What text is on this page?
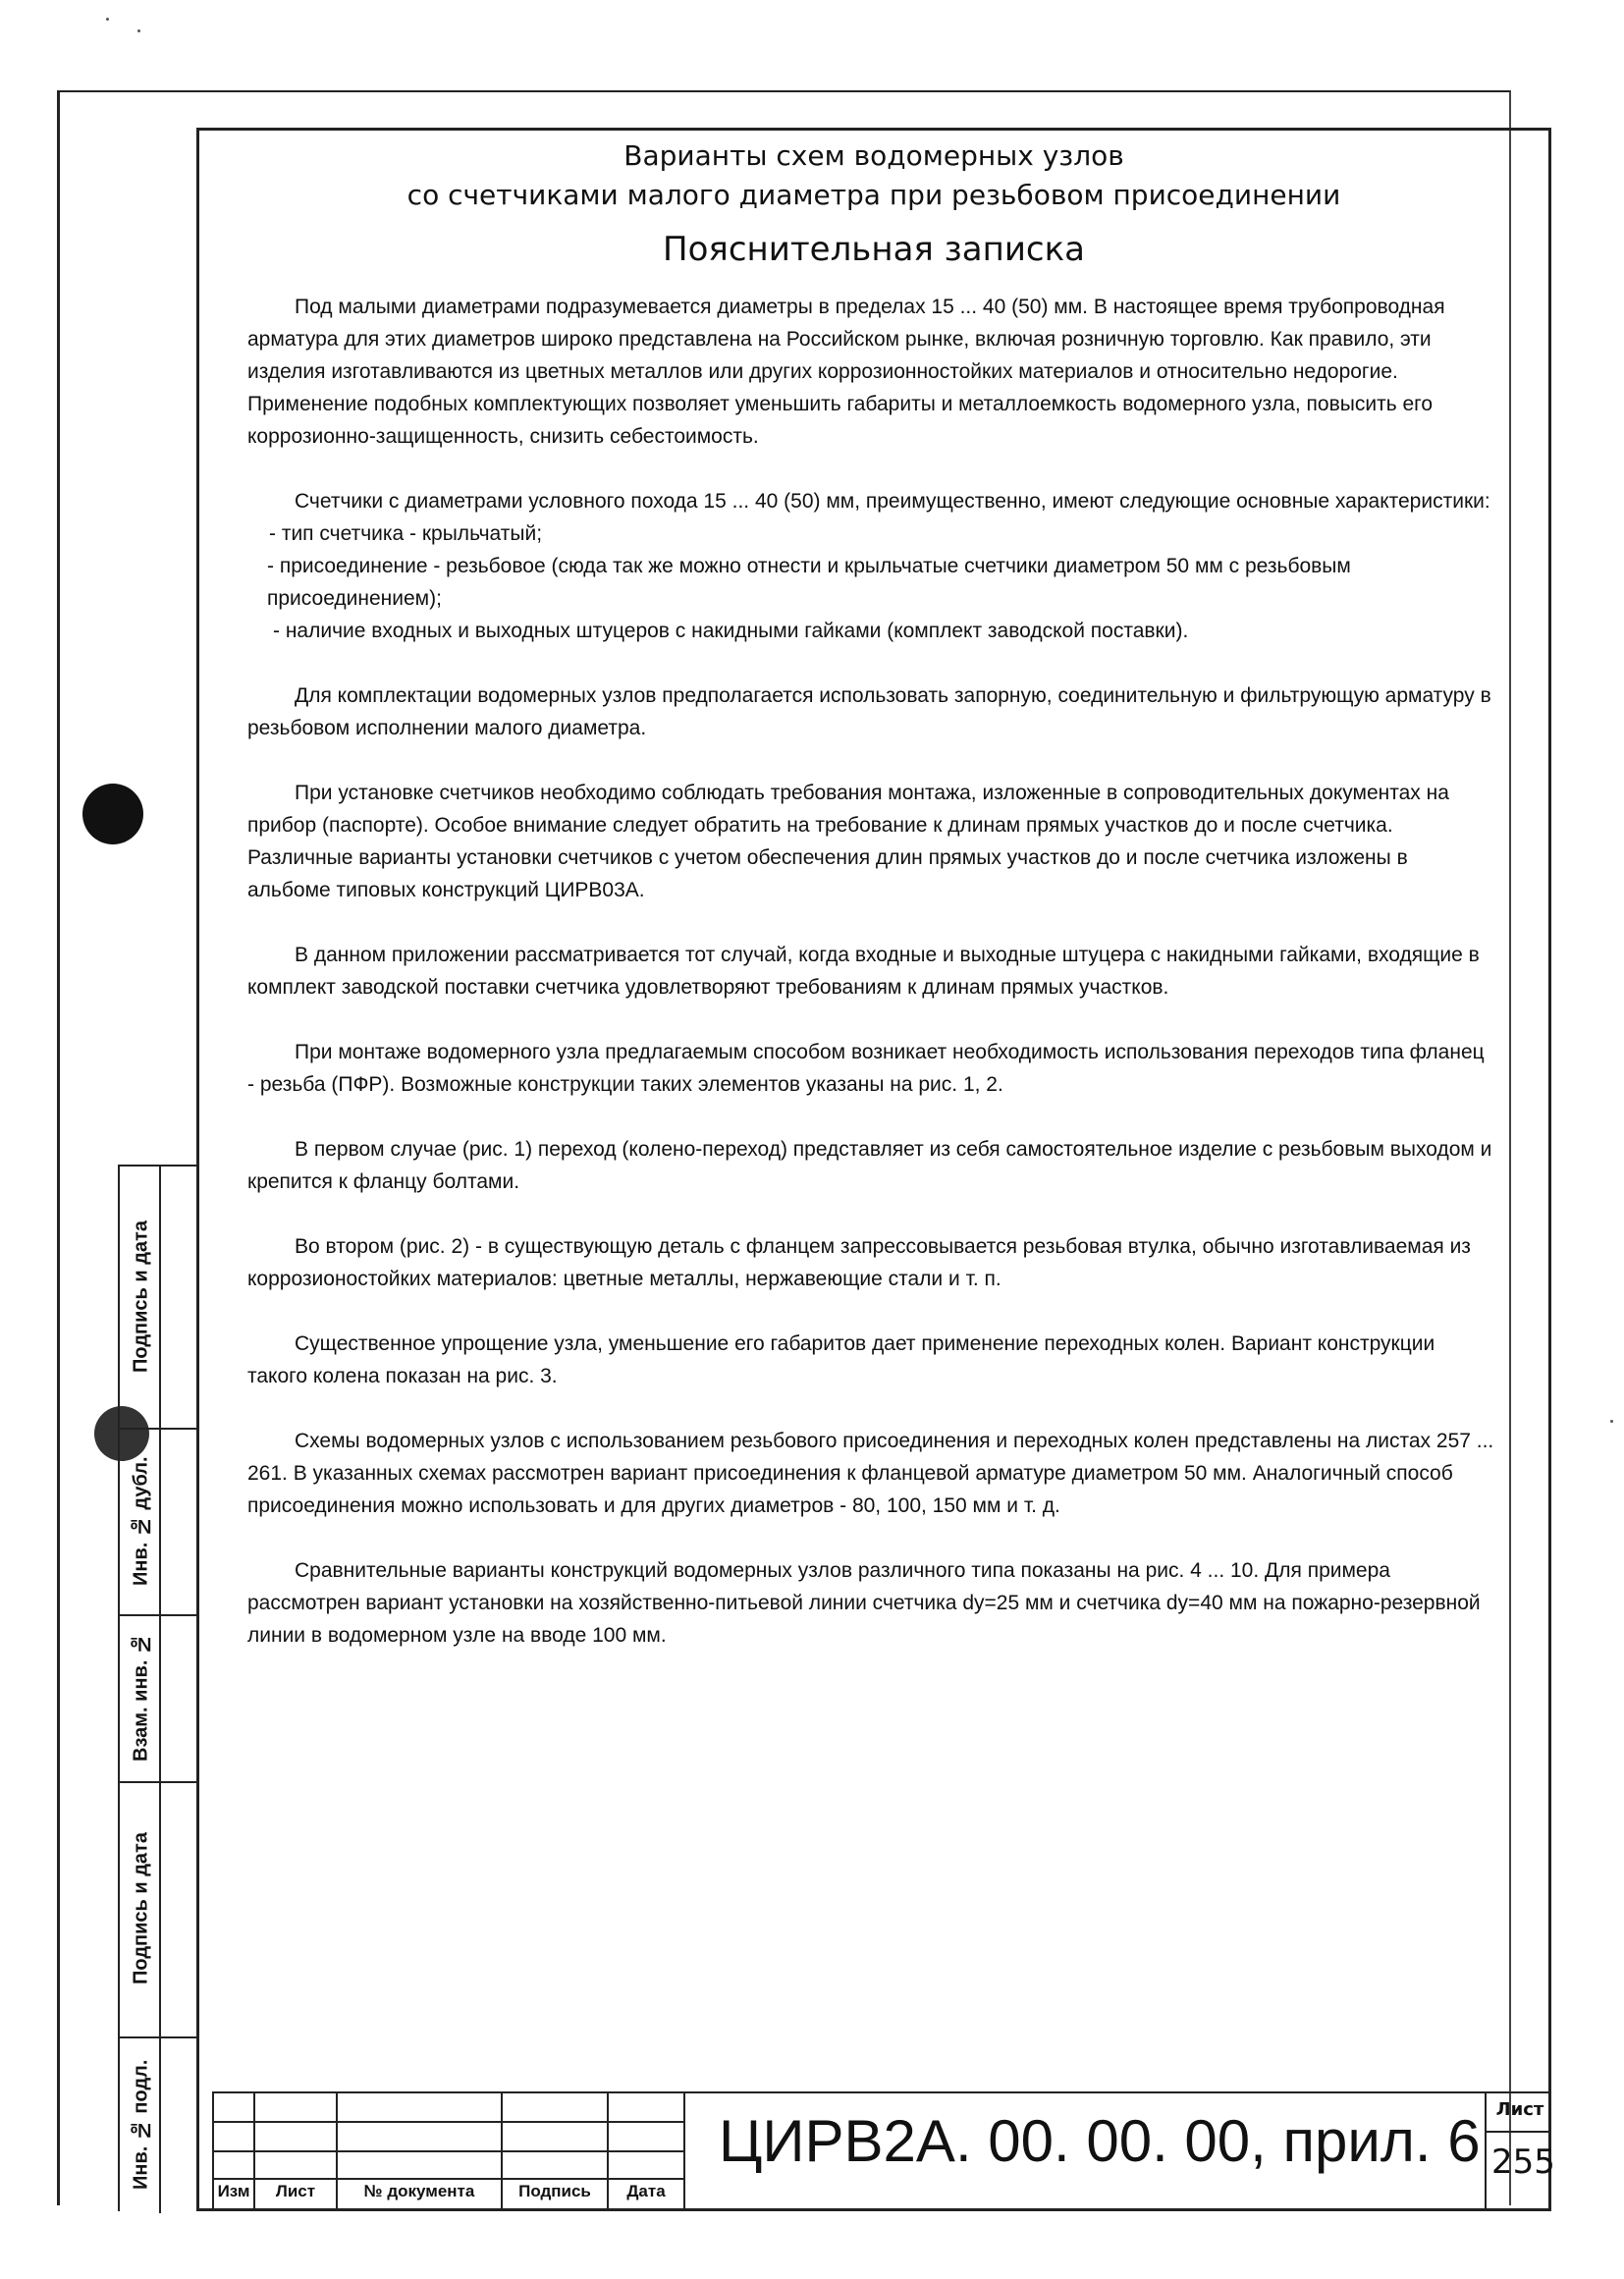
Варианты схем водомерных узлов
со счетчиками малого диаметра при резьбовом присоединении
Пояснительная записка

Под малыми диаметрами подразумевается диаметры в пределах 15 ... 40 (50) мм. В настоящее время трубопроводная арматура для этих диаметров широко представлена на Российском рынке, включая розничную торговлю. Как правило, эти изделия изготавливаются из цветных металлов или других коррозионностойких материалов и относительно недорогие. Применение подобных комплектующих позволяет уменьшить габариты и металлоемкость водомерного узла, повысить его коррозионно-защищенность, снизить себестоимость.

Счетчики с диаметрами условного похода 15 ... 40 (50) мм, преимущественно, имеют следующие основные характеристики:

- тип счетчика - крыльчатый;
- присоединение - резьбовое (сюда так же можно отнести и крыльчатые счетчики диаметром 50 мм с резьбовым присоединением);
- наличие входных и выходных штуцеров с накидными гайками (комплект заводской поставки).

Для комплектации водомерных узлов предполагается использовать запорную, соединительную и фильтрующую арматуру в резьбовом исполнении малого диаметра.

При установке счетчиков необходимо соблюдать требования монтажа, изложенные в сопроводительных документах на прибор (паспорте). Особое внимание следует обратить на требование к длинам прямых участков до и после счетчика. Различные варианты установки счетчиков с учетом обеспечения длин прямых участков до и после счетчика изложены в альбоме типовых конструкций ЦИРВ03А.

В данном приложении рассматривается тот случай, когда входные и выходные штуцера с накидными гайками, входящие в комплект заводской поставки счетчика удовлетворяют требованиям к длинам прямых участков.

При монтаже водомерного узла предлагаемым способом возникает необходимость использования переходов типа фланец - резьба (ПФР). Возможные конструкции таких элементов указаны на рис. 1, 2.

В первом случае (рис. 1) переход (колено-переход) представляет из себя самостоятельное изделие с резьбовым выходом и крепится к фланцу болтами.

Во втором (рис. 2) - в существующую деталь с фланцем запрессовывается резьбовая втулка, обычно изготавливаемая из коррозионостойких материалов: цветные металлы, нержавеющие стали и т. п.

Существенное упрощение узла, уменьшение его габаритов дает применение переходных колен. Вариант конструкции такого колена показан на рис. 3.

Схемы водомерных узлов с использованием резьбового присоединения и переходных колен представлены на листах 257 ... 261. В указанных схемах рассмотрен вариант присоединения к фланцевой арматуре диаметром 50 мм. Аналогичный способ присоединения можно использовать и для других диаметров - 80, 100, 150 мм и т. д.

Сравнительные варианты конструкций водомерных узлов различного типа показаны на рис. 4 ... 10. Для примера рассмотрен вариант установки на хозяйственно-питьевой линии счетчика dу=25 мм и счетчика dу=40 мм на пожарно-резервной линии в водомерном узле на вводе 100 мм.

Подпись и дата
Инв. № дубл.
Взам. инв. №
Подпись и дата
Инв. № подл.
Изм	Лист	№ документа	Подпись	Дата
ЦИРВ2А. 00. 00. 00, прил. 6 Лист
255
